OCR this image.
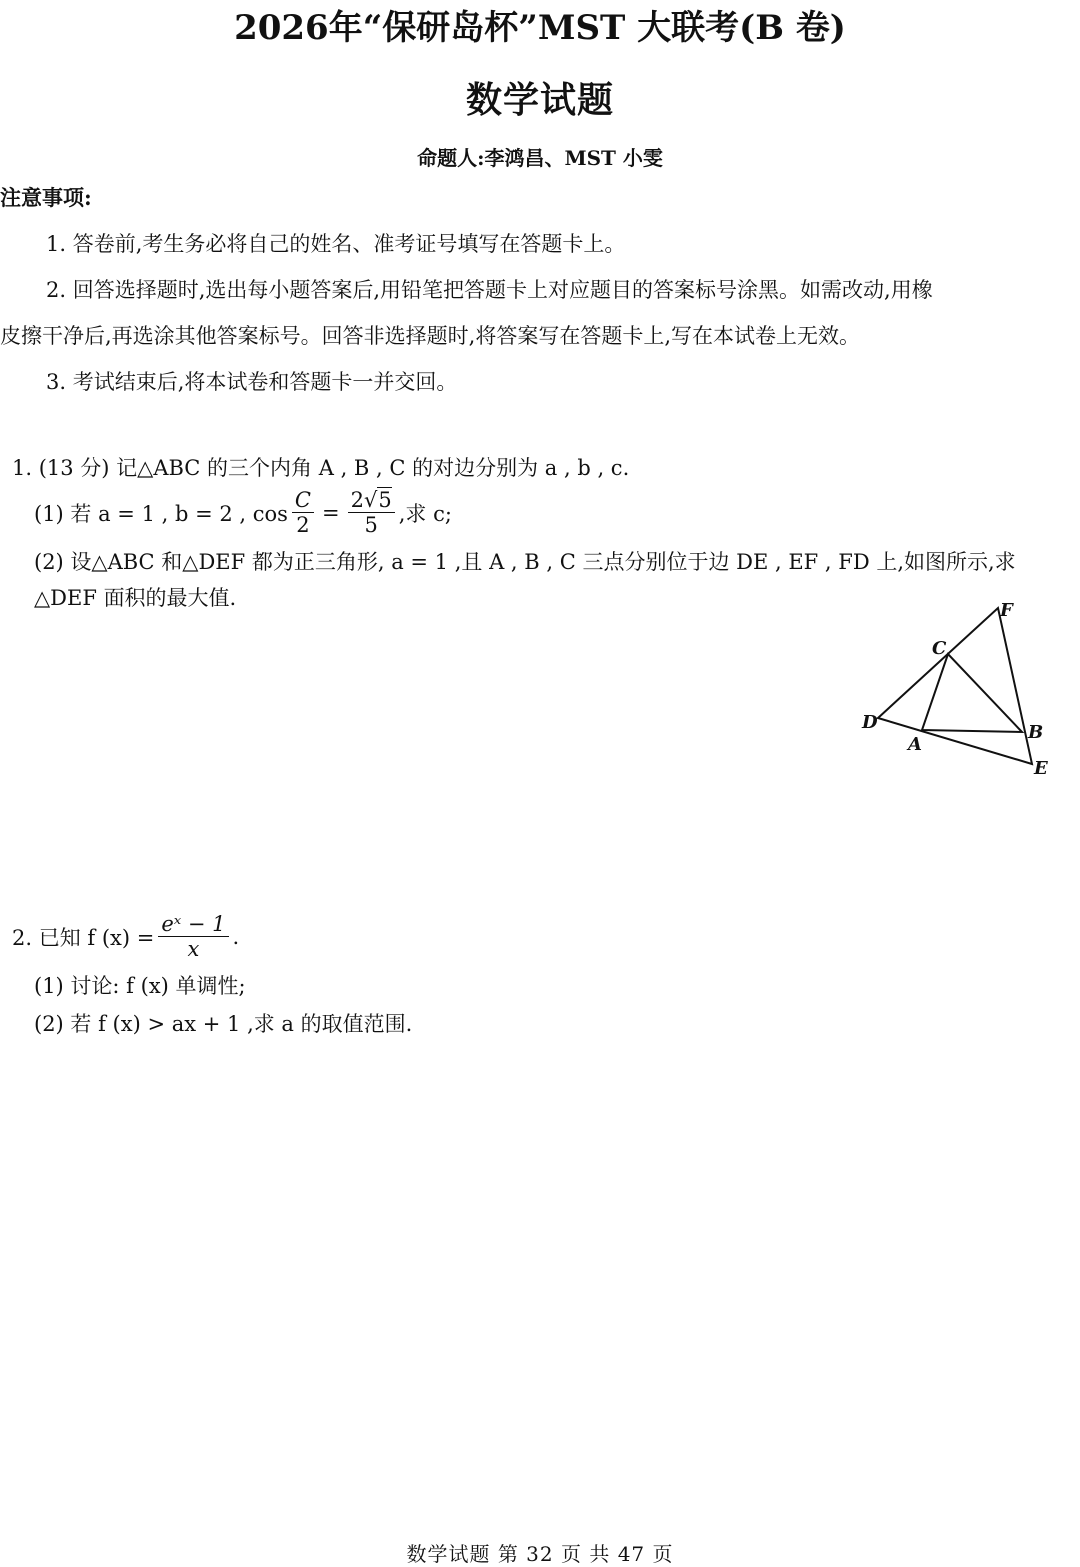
2026年“保研岛杯”MST 大联考(B 卷)
数学试题
命题人:李鸿昌、MST 小雯
注意事项:
1. 答卷前,考生务必将自己的姓名、准考证号填写在答题卡上。
2. 回答选择题时,选出每小题答案后,用铅笔把答题卡上对应题目的答案标号涂黑。如需改动,用橡
皮擦干净后,再选涂其他答案标号。回答非选择题时,将答案写在答题卡上,写在本试卷上无效。
3. 考试结束后,将本试卷和答题卡一并交回。
1. (13 分) 记△ABC 的三个内角 A , B , C 的对边分别为 a , b , c.
(1) 若 a = 1 , b = 2 , $\cos \frac{C}{2} = \frac{2√5}{5}$ ,求 c;
(2) 设△ABC 和△DEF 都为正三角形, a = 1 ,且 A , B , C 三点分别位于边 DE , EF , FD 上,如图所示,求
△DEF 面积的最大值.
F
C
D
A
B
E
2. 已知 f $(x) = \frac{\text{eˣ − 1}}{x}$ .
(1) 讨论: f (x) 单调性;
(2) 若 f (x) > ax + 1 ,求 a 的取值范围.
数学试题 第 32 页 共 47 页
